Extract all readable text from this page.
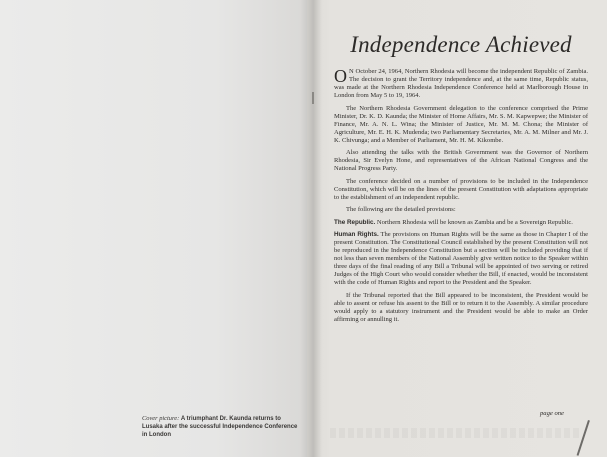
Cover picture: A triumphant Dr. Kaunda returns to Lusaka after the successful Independence Conference in London
Independence Achieved

O N October 24, 1964, Northern Rhodesia will become the independent Republic of Zambia. The decision to grant the Territory independence and, at the same time, Republic status, was made at the Northern Rhodesia Independence Conference held at Marlborough House in London from May 5 to 19, 1964.

The Northern Rhodesia Government delegation to the conference comprised the Prime Minister, Dr. K. D. Kaunda; the Minister of Home Affairs, Mr. S. M. Kapwepwe; the Minister of Finance, Mr. A. N. L. Wina; the Minister of Justice, Mr. M. M. Chona; the Minister of Agriculture, Mr. E. H. K. Mudenda; two Parliamentary Secretaries, Mr. A. M. Milner and Mr. J. K. Chivunga; and a Member of Parliament, Mr. H. M. Kikombe.

Also attending the talks with the British Government was the Governor of Northern Rhodesia, Sir Evelyn Hone, and representatives of the African National Congress and the National Progress Party.

The conference decided on a number of provisions to be included in the Independence Constitution, which will be on the lines of the present Constitution with adaptations appropriate to the establishment of an independent republic.

The following are the detailed provisions:

The Republic. Northern Rhodesia will be known as Zambia and be a Sovereign Republic.

Human Rights. The provisions on Human Rights will be the same as those in Chapter I of the present Constitution. The Constitutional Council established by the present Constitution will not be reproduced in the Independence Constitution but a section will be included providing that if not less than seven members of the National Assembly give written notice to the Speaker within three days of the final reading of any Bill a Tribunal will be appointed of two serving or retired Judges of the High Court who would consider whether the Bill, if enacted, would be inconsistent with the code of Human Rights and report to the President and the Speaker.

If the Tribunal reported that the Bill appeared to be inconsistent, the President would be able to assent or refuse his assent to the Bill or to return it to the Assembly. A similar procedure would apply to a statutory instrument and the President would be able to make an Order affirming or annulling it.

page one
